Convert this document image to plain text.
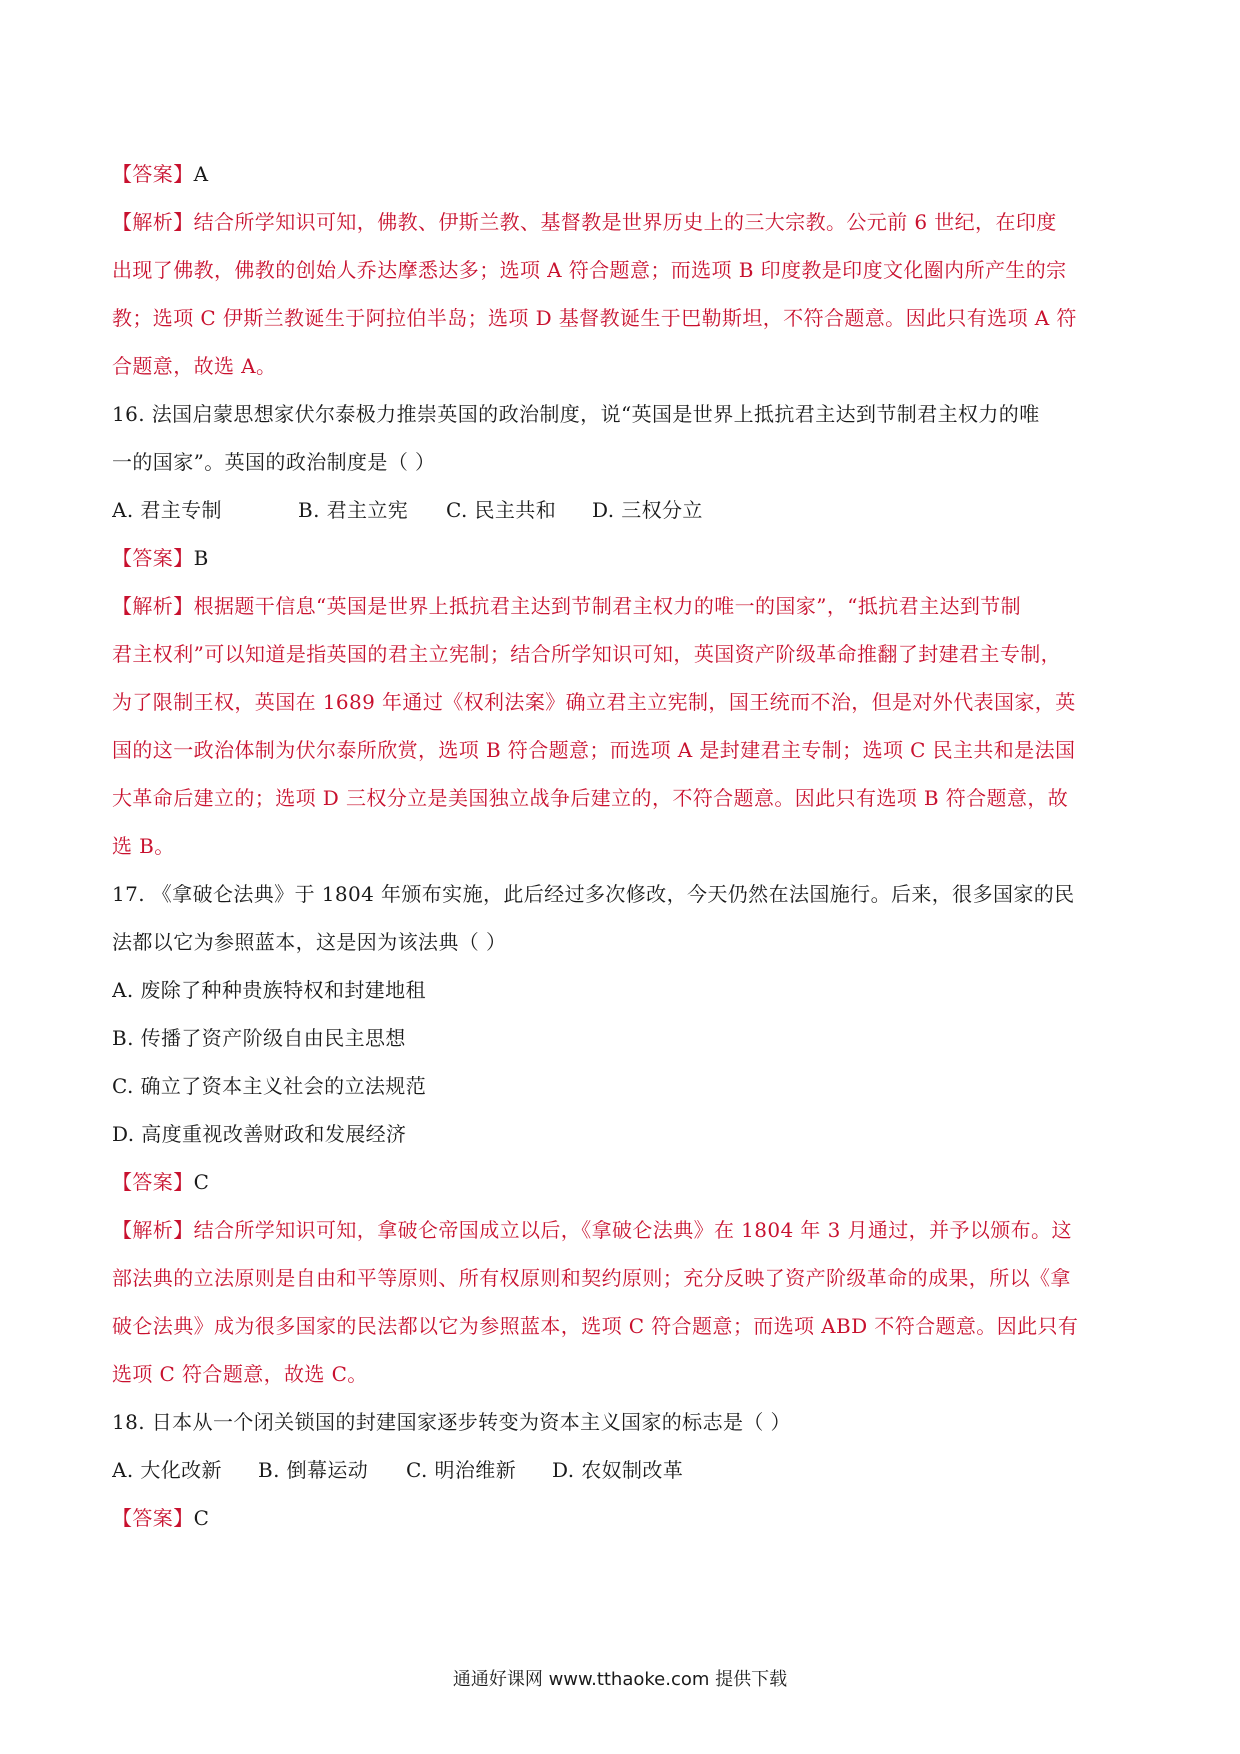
【答案】A
【解析】结合所学知识可知，佛教、伊斯兰教、基督教是世界历史上的三大宗教。公元前 6 世纪，在印度
出现了佛教，佛教的创始人乔达摩悉达多；选项 A 符合题意；而选项 B 印度教是印度文化圈内所产生的宗
教；选项 C 伊斯兰教诞生于阿拉伯半岛；选项 D 基督教诞生于巴勒斯坦，不符合题意。因此只有选项 A 符
合题意，故选 A。
16. 法国启蒙思想家伏尔泰极力推崇英国的政治制度，说“英国是世界上抵抗君主达到节制君主权力的唯
一的国家”。英国的政治制度是（ ）
A. 君主专制	B. 君主立宪 C. 民主共和 D. 三权分立
【答案】B
【解析】根据题干信息“英国是世界上抵抗君主达到节制君主权力的唯一的国家”，“抵抗君主达到节制
君主权利”可以知道是指英国的君主立宪制；结合所学知识可知，英国资产阶级革命推翻了封建君主专制，
为了限制王权，英国在 1689 年通过《权利法案》确立君主立宪制，国王统而不治，但是对外代表国家，英
国的这一政治体制为伏尔泰所欣赏，选项 B 符合题意；而选项 A 是封建君主专制；选项 C 民主共和是法国
大革命后建立的；选项 D 三权分立是美国独立战争后建立的，不符合题意。因此只有选项 B 符合题意，故
选 B。
17. 《拿破仑法典》于 1804 年颁布实施，此后经过多次修改，今天仍然在法国施行。后来，很多国家的民
法都以它为参照蓝本，这是因为该法典（ ）
A. 废除了种种贵族特权和封建地租
B. 传播了资产阶级自由民主思想
C. 确立了资本主义社会的立法规范
D. 高度重视改善财政和发展经济
【答案】C
【解析】结合所学知识可知，拿破仑帝国成立以后，《拿破仑法典》在 1804 年 3 月通过，并予以颁布。这
部法典的立法原则是自由和平等原则、所有权原则和契约原则；充分反映了资产阶级革命的成果，所以《拿
破仑法典》成为很多国家的民法都以它为参照蓝本，选项 C 符合题意；而选项 ABD 不符合题意。因此只有
选项 C 符合题意，故选 C。
18. 日本从一个闭关锁国的封建国家逐步转变为资本主义国家的标志是（ ）
A. 大化改新 B. 倒幕运动 C. 明治维新 D. 农奴制改革
【答案】C
通通好课网 www.tthaoke.com 提供下载
